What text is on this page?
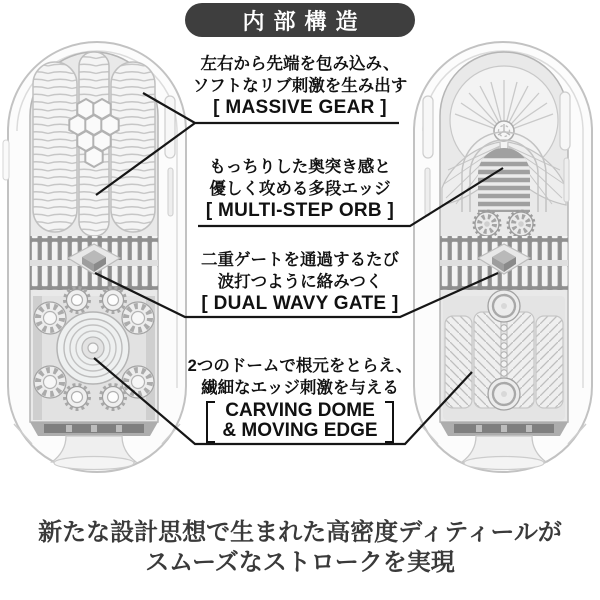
内部構造
左右から先端を包み込み、
ソフトなリブ刺激を生み出す
[ MASSIVE GEAR ]
もっちりした奥突き感と
優しく攻める多段エッジ
[ MULTI-STEP ORB ]
二重ゲートを通過するたび
波打つように絡みつく
[ DUAL WAVY GATE ]
2つのドームで根元をとらえ、
繊細なエッジ刺激を与える
CARVING DOME
& MOVING EDGE
新たな設計思想で生まれた高密度ディティールが
スムーズなストロークを実現
